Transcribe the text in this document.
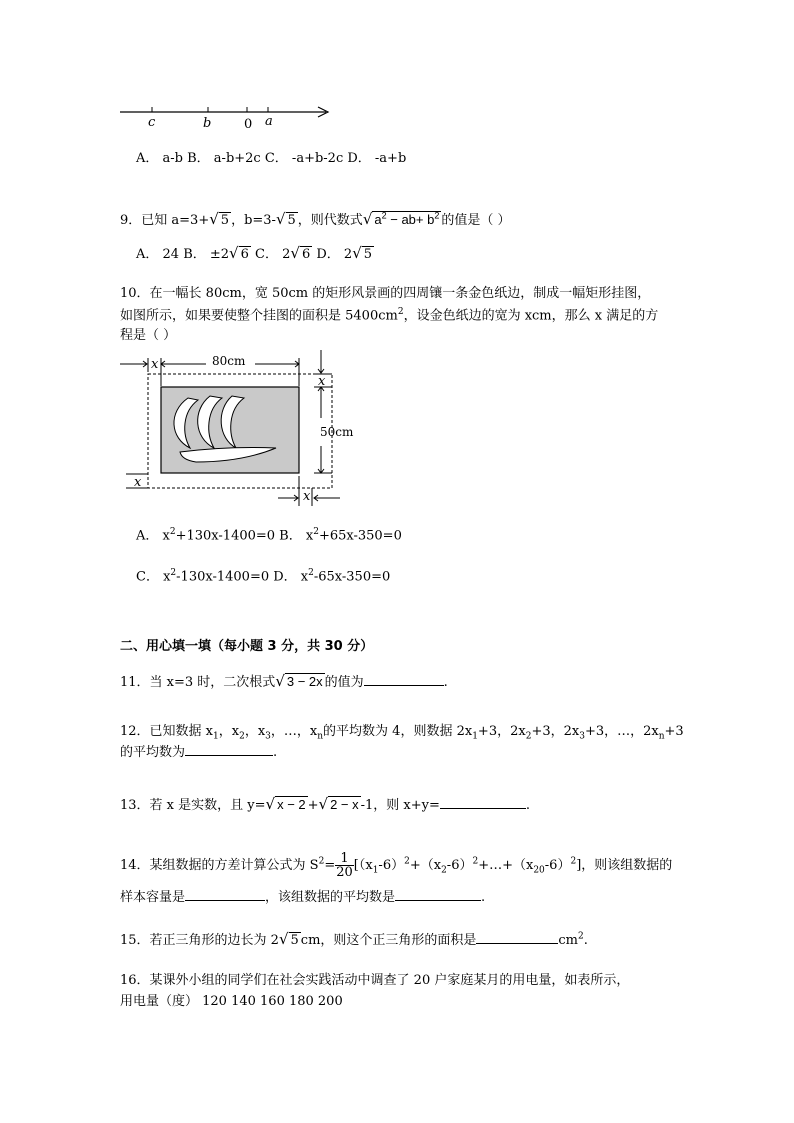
c	b	0 a
A． a-b B． a-b+2c C． -a+b-2c D． -a+b
9．已知 a=3+√ 5 ，b=3-√ 5 ，则代数式√ $a^2 - ab+ b^2$ 的值是（ ）
A． 24 B． ±2√ 6 C． 2√ 6 D． 2√ 5
10．在一幅长 80cm，宽 50cm 的矩形风景画的四周镶一条金色纸边，制成一幅矩形挂图，
如图所示，如果要使整个挂图的面积是 $5400cm^2$，设金色纸边的宽为 xcm，那么 x 满足的方
程是（ ）
80cm
50cm
x
x
x
x
A． $x^2+130x-1400=0$ B． $x^2+65x-350=0$
C． $x^2-130x-1400=0$ D． $x^2-65x-350=0$
二、用心填一填（每小题 3 分，共 30 分）
11．当 x=3 时，二次根式√ 3 − 2x 的值为	.
12．已知数据 $x_1$，$x_2$，$x_3$，…，$x_n$的平均数为 4，则数据 $2x_1+3$，$2x_2+3$，$2x_3+3$，…，$2x_n+3$
的平均数为	.
13．若 x 是实数，且 y=√ x − 2 +√ 2 − x -1，则 x+y=	.
14．某组数据的方差计算公式为 $S^2= \frac{1}{20}$ $[(x_1-6)^2+(x_2-6)^2+\dots+(x_{20}-6)^2]$，则该组数据的
样本容量是	，该组数据的平均数是	.
15．若正三角形的边长为 2√ 5 cm，则这个正三角形的面积是	$cm^2$.
16．某课外小组的同学们在社会实践活动中调查了 20 户家庭某月的用电量，如表所示，
用电量（度） 120 140 160 180 200
